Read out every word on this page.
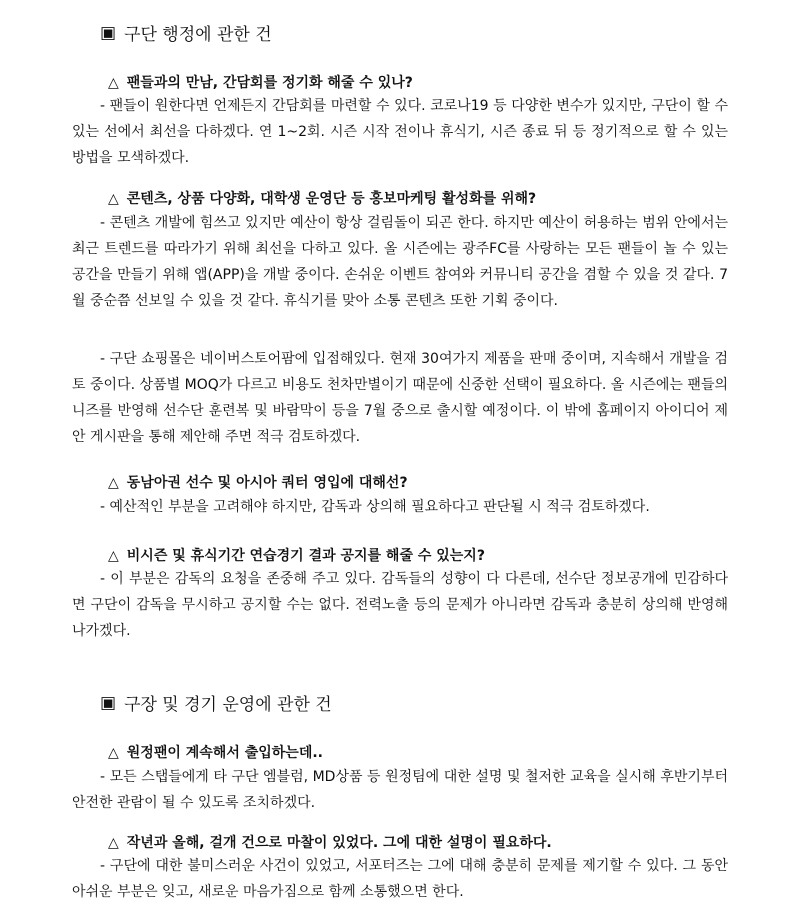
▣ 구단 행정에 관한 건
△ 팬들과의 만남, 간담회를 정기화 해줄 수 있나?

- 팬들이 원한다면 언제든지 간담회를 마련할 수 있다. 코로나19 등 다양한 변수가 있지만, 구단이 할 수 있는 선에서 최선을 다하겠다. 연 1~2회. 시즌 시작 전이나 휴식기, 시즌 종료 뒤 등 정기적으로 할 수 있는 방법을 모색하겠다.

△ 콘텐츠, 상품 다양화, 대학생 운영단 등 홍보마케팅 활성화를 위해?

- 콘텐츠 개발에 힘쓰고 있지만 예산이 항상 걸림돌이 되곤 한다. 하지만 예산이 허용하는 범위 안에서는 최근 트렌드를 따라가기 위해 최선을 다하고 있다. 올 시즌에는 광주FC를 사랑하는 모든 팬들이 놀 수 있는 공간을 만들기 위해 앱(APP)을 개발 중이다. 손쉬운 이벤트 참여와 커뮤니티 공간을 겸할 수 있을 것 같다. 7월 중순쯤 선보일 수 있을 것 같다. 휴식기를 맞아 소통 콘텐츠 또한 기획 중이다.

- 구단 쇼핑몰은 네이버스토어팜에 입점해있다. 현재 30여가지 제품을 판매 중이며, 지속해서 개발을 검토 중이다. 상품별 MOQ가 다르고 비용도 천차만별이기 때문에 신중한 선택이 필요하다. 올 시즌에는 팬들의 니즈를 반영해 선수단 훈련복 및 바람막이 등을 7월 중으로 출시할 예정이다. 이 밖에 홈페이지 아이디어 제안 게시판을 통해 제안해 주면 적극 검토하겠다.

△ 동남아권 선수 및 아시아 쿼터 영입에 대해선?

- 예산적인 부분을 고려해야 하지만, 감독과 상의해 필요하다고 판단될 시 적극 검토하겠다.

△ 비시즌 및 휴식기간 연습경기 결과 공지를 해줄 수 있는지?

- 이 부분은 감독의 요청을 존중해 주고 있다. 감독들의 성향이 다 다른데, 선수단 정보공개에 민감하다면 구단이 감독을 무시하고 공지할 수는 없다. 전력노출 등의 문제가 아니라면 감독과 충분히 상의해 반영해 나가겠다.

▣ 구장 및 경기 운영에 관한 건
△ 원정팬이 계속해서 출입하는데..

- 모든 스탭들에게 타 구단 엠블럼, MD상품 등 원정팀에 대한 설명 및 철저한 교육을 실시해 후반기부터 안전한 관람이 될 수 있도록 조치하겠다.

△ 작년과 올해, 걸개 건으로 마찰이 있었다. 그에 대한 설명이 필요하다.

- 구단에 대한 불미스러운 사건이 있었고, 서포터즈는 그에 대해 충분히 문제를 제기할 수 있다. 그 동안 아쉬운 부분은 잊고, 새로운 마음가짐으로 함께 소통했으면 한다.
